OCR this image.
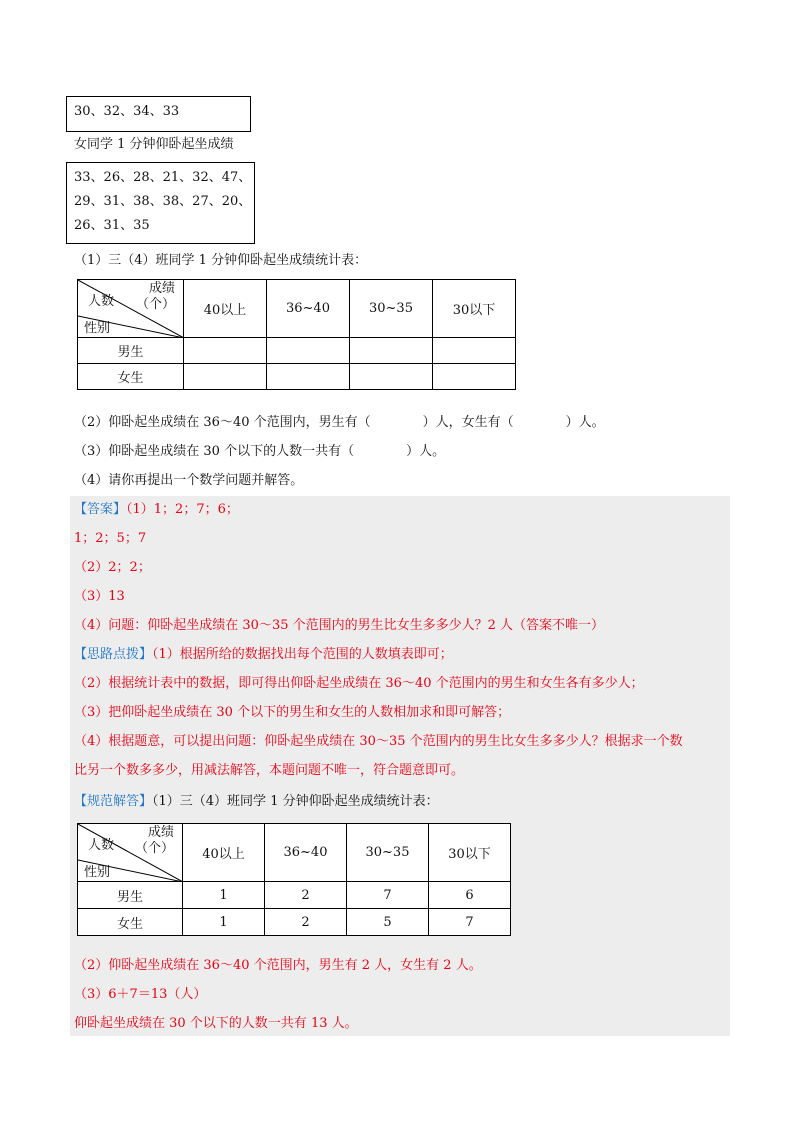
30、32、34、33
女同学 1 分钟仰卧起坐成绩
33、26、28、21、32、47、
29、31、38、38、27、20、
26、31、35
（1）三（4）班同学 1 分钟仰卧起坐成绩统计表：
成绩
（个）
人数
性别	40以上	36~40	30~35	30以下
男生				
女生				
（2）仰卧起坐成绩在 36～40 个范围内，男生有（　　　　）人，女生有（　　　　）人。
（3）仰卧起坐成绩在 30 个以下的人数一共有（　　　　）人。
（4）请你再提出一个数学问题并解答。
【答案】（1）1；2；7；6；
1；2；5；7
（2）2；2；
（3）13
（4）问题：仰卧起坐成绩在 30～35 个范围内的男生比女生多多少人？2 人（答案不唯一）
【思路点拨】（1）根据所给的数据找出每个范围的人数填表即可；
（2）根据统计表中的数据，即可得出仰卧起坐成绩在 36～40 个范围内的男生和女生各有多少人；
（3）把仰卧起坐成绩在 30 个以下的男生和女生的人数相加求和即可解答；
（4）根据题意，可以提出问题：仰卧起坐成绩在 30～35 个范围内的男生比女生多多少人？根据求一个数
比另一个数多多少，用减法解答，本题问题不唯一，符合题意即可。
【规范解答】（1）三（4）班同学 1 分钟仰卧起坐成绩统计表：
成绩
（个）
人数
性别	40以上	36~40	30~35	30以下
男生	1	2	7	6
女生	1	2	5	7
（2）仰卧起坐成绩在 36～40 个范围内，男生有 2 人，女生有 2 人。
（3）6＋7＝13（人）
仰卧起坐成绩在 30 个以下的人数一共有 13 人。
